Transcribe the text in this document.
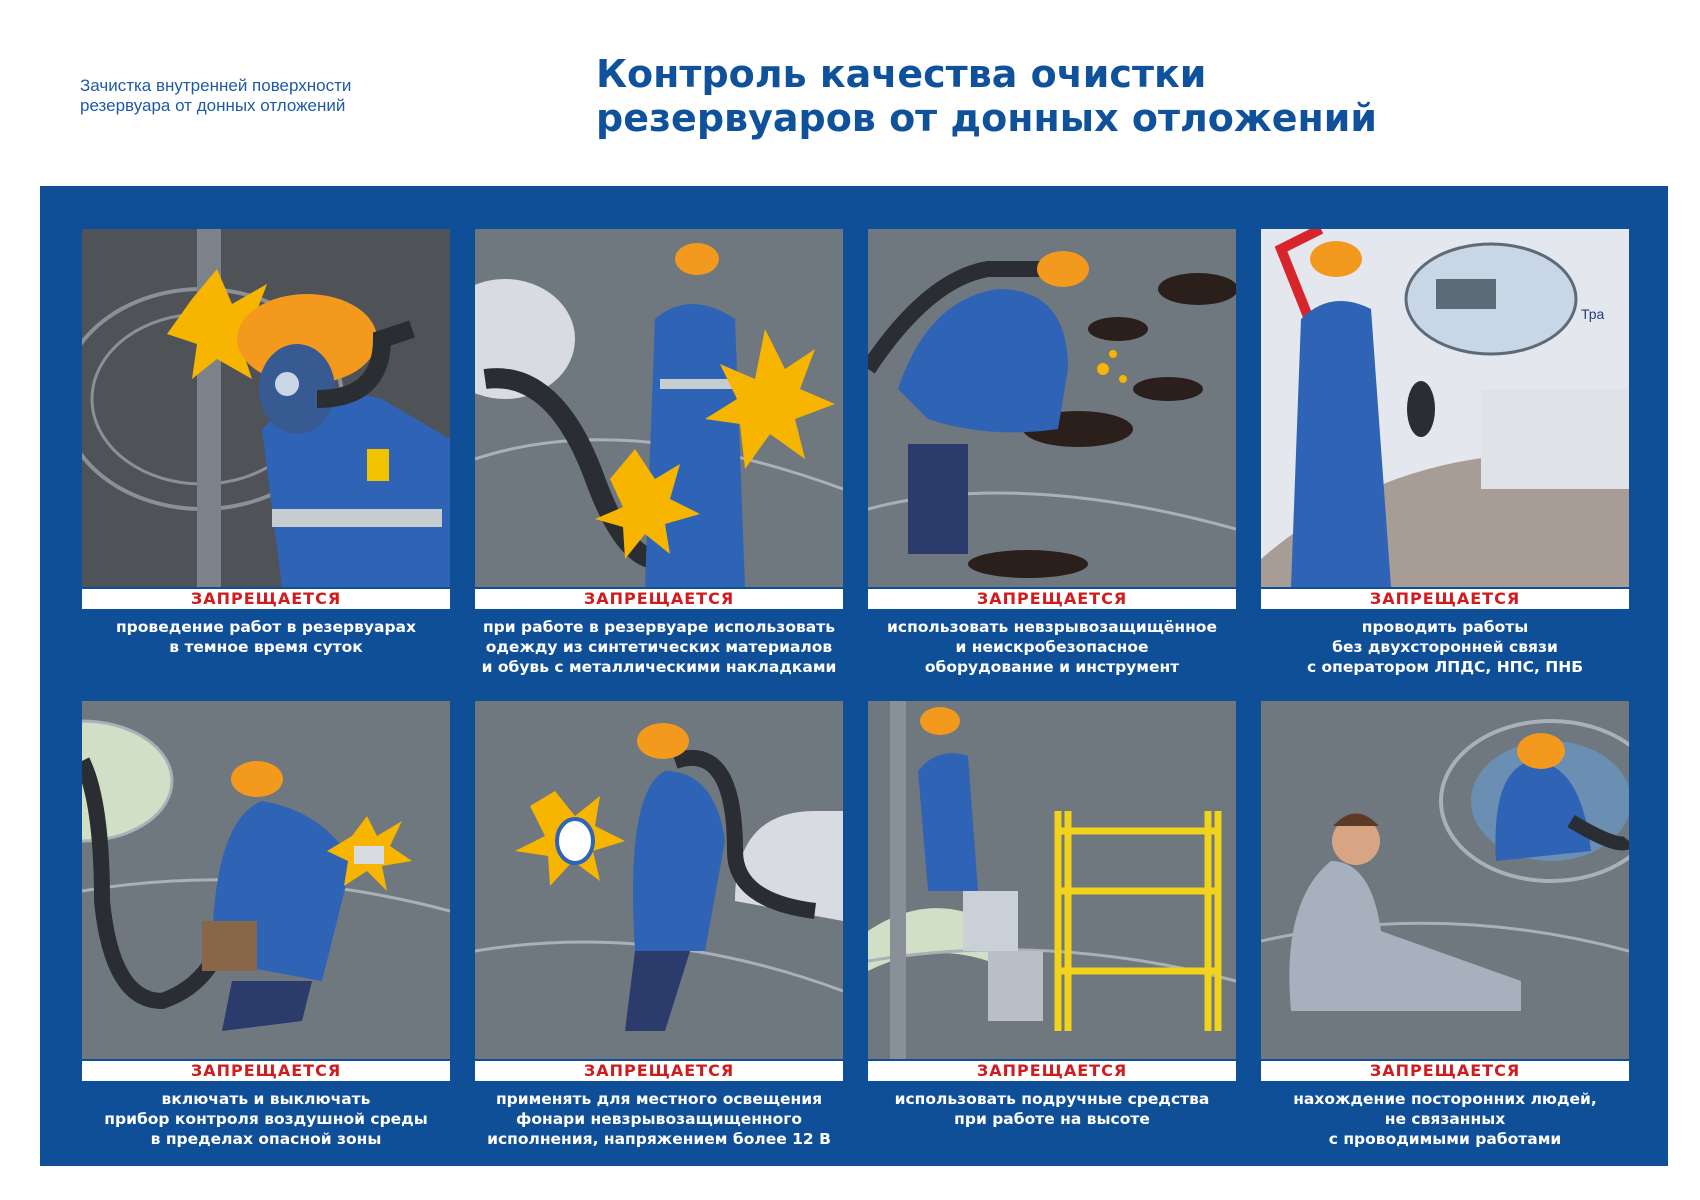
Зачистка внутренней поверхности
резервуара от донных отложений
Контроль качества очистки
резервуаров от донных отложений
ЗАПРЕЩАЕТСЯ
проведение работ в резервуарах
в темное время суток
ЗАПРЕЩАЕТСЯ
при работе в резервуаре использовать
одежду из синтетических материалов
и обувь с металлическими накладками
ЗАПРЕЩАЕТСЯ
использовать невзрывозащищённое
и неискробезопасное
оборудование и инструмент
Тра
ЗАПРЕЩАЕТСЯ
проводить работы
без двухсторонней связи
с оператором ЛПДС, НПС, ПНБ
ЗАПРЕЩАЕТСЯ
включать и выключать
прибор контроля воздушной среды
в пределах опасной зоны
ЗАПРЕЩАЕТСЯ
применять для местного освещения
фонари невзрывозащищенного
исполнения, напряжением более 12 В
ЗАПРЕЩАЕТСЯ
использовать подручные средства
при работе на высоте
ЗАПРЕЩАЕТСЯ
нахождение посторонних людей,
не связанных
с проводимыми работами
